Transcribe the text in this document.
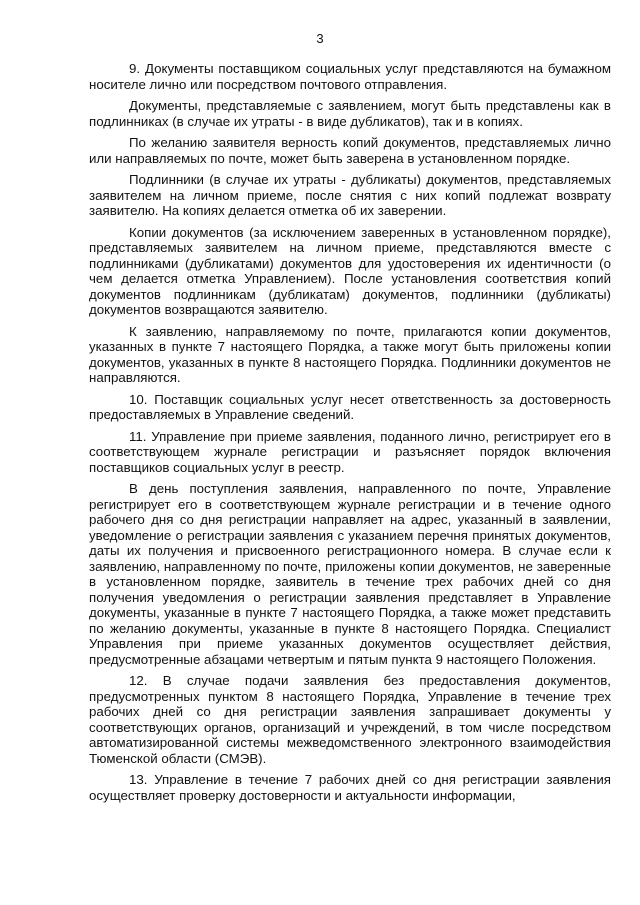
3

9. Документы поставщиком социальных услуг представляются на бумажном носителе лично или посредством почтового отправления.

Документы, представляемые с заявлением, могут быть представлены как в подлинниках (в случае их утраты - в виде дубликатов), так и в копиях.

По желанию заявителя верность копий документов, представляемых лично или направляемых по почте, может быть заверена в установленном порядке.

Подлинники (в случае их утраты - дубликаты) документов, представляемых заявителем на личном приеме, после снятия с них копий подлежат возврату заявителю. На копиях делается отметка об их заверении.

Копии документов (за исключением заверенных в установленном порядке), представляемых заявителем на личном приеме, представляются вместе с подлинниками (дубликатами) документов для удостоверения их идентичности (о чем делается отметка Управлением). После установления соответствия копий документов подлинникам (дубликатам) документов, подлинники (дубликаты) документов возвращаются заявителю.

К заявлению, направляемому по почте, прилагаются копии документов, указанных в пункте 7 настоящего Порядка, а также могут быть приложены копии документов, указанных в пункте 8 настоящего Порядка. Подлинники документов не направляются.

10. Поставщик социальных услуг несет ответственность за достоверность предоставляемых в Управление сведений.

11. Управление при приеме заявления, поданного лично, регистрирует его в соответствующем журнале регистрации и разъясняет порядок включения поставщиков социальных услуг в реестр.

В день поступления заявления, направленного по почте, Управление регистрирует его в соответствующем журнале регистрации и в течение одного рабочего дня со дня регистрации направляет на адрес, указанный в заявлении, уведомление о регистрации заявления с указанием перечня принятых документов, даты их получения и присвоенного регистрационного номера. В случае если к заявлению, направленному по почте, приложены копии документов, не заверенные в установленном порядке, заявитель в течение трех рабочих дней со дня получения уведомления о регистрации заявления представляет в Управление документы, указанные в пункте 7 настоящего Порядка, а также может представить по желанию документы, указанные в пункте 8 настоящего Порядка. Специалист Управления при приеме указанных документов осуществляет действия, предусмотренные абзацами четвертым и пятым пункта 9 настоящего Положения.

12. В случае подачи заявления без предоставления документов, предусмотренных пунктом 8 настоящего Порядка, Управление в течение трех рабочих дней со дня регистрации заявления запрашивает документы у соответствующих органов, организаций и учреждений, в том числе посредством автоматизированной системы межведомственного электронного взаимодействия Тюменской области (СМЭВ).

13. Управление в течение 7 рабочих дней со дня регистрации заявления осуществляет проверку достоверности и актуальности информации,
